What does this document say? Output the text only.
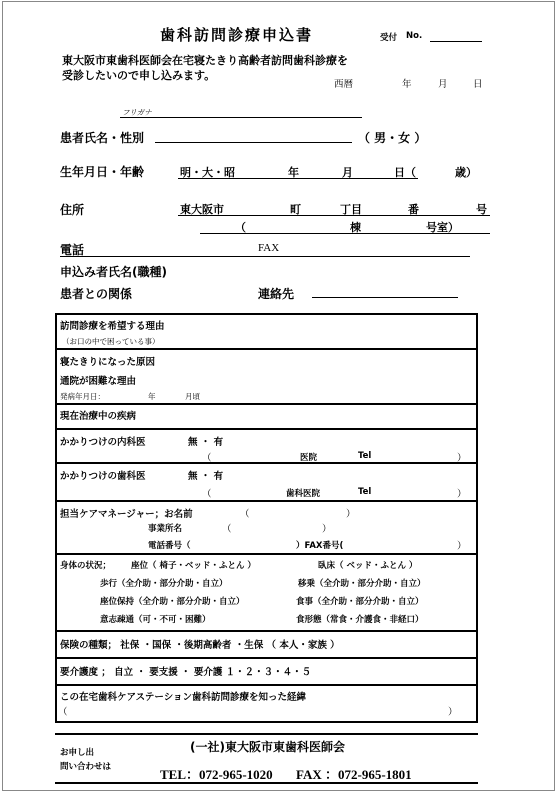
歯科訪問診療申込書	受付 No.
東大阪市東歯科医師会在宅寝たきり高齢者訪問歯科診療を
受診したいので申し込みます。
西暦	年	月	日
フリガナ
患者氏名・性別	（ 男・女 ）
生年月日・年齢	明・大・昭	年	月	日（	歳）
住所	東大阪市	町	丁目	番	号
（	棟	号室）
電話	FAX
申込み者氏名(職種)
患者との関係	連絡先
訪問診療を希望する理由
（お口の中で困っている事）
寝たきりになった原因
通院が困難な理由
発病年月日：	年	月頃
現在治療中の疾病
かかりつけの内科医	無 ・ 有
（	医院	Tel	）
かかりつけの歯科医	無 ・ 有
（	歯科医院	Tel	）
担当ケアマネージャー；お名前	（	）
事業所名	（	）
電話番号（	）FAX番号(	）
身体の状況； 座位（ 椅子・ベッド・ふとん ）	臥床（ ベッド・ふとん ）
歩行（全介助・部分介助・自立）	移乗（全介助・部分介助・自立）
座位保持（全介助・部分介助・自立）	食事（全介助・部分介助・自立）
意志疎通（可・不可・困難）	食形態（常食・介護食・非経口）
保険の種類； 社保 ・国保 ・後期高齢者 ・生保 （ 本人・家族 ）
要介護度 ； 自立 ・ 要支援 ・ 要介護 １・２・３・４・５
この在宅歯科ケアステーション歯科訪問診療を知った経緯
（	）
(一社)東大阪市東歯科医師会
お申し出
問い合わせは	TEL：072-965-1020 FAX ：072-965-1801
